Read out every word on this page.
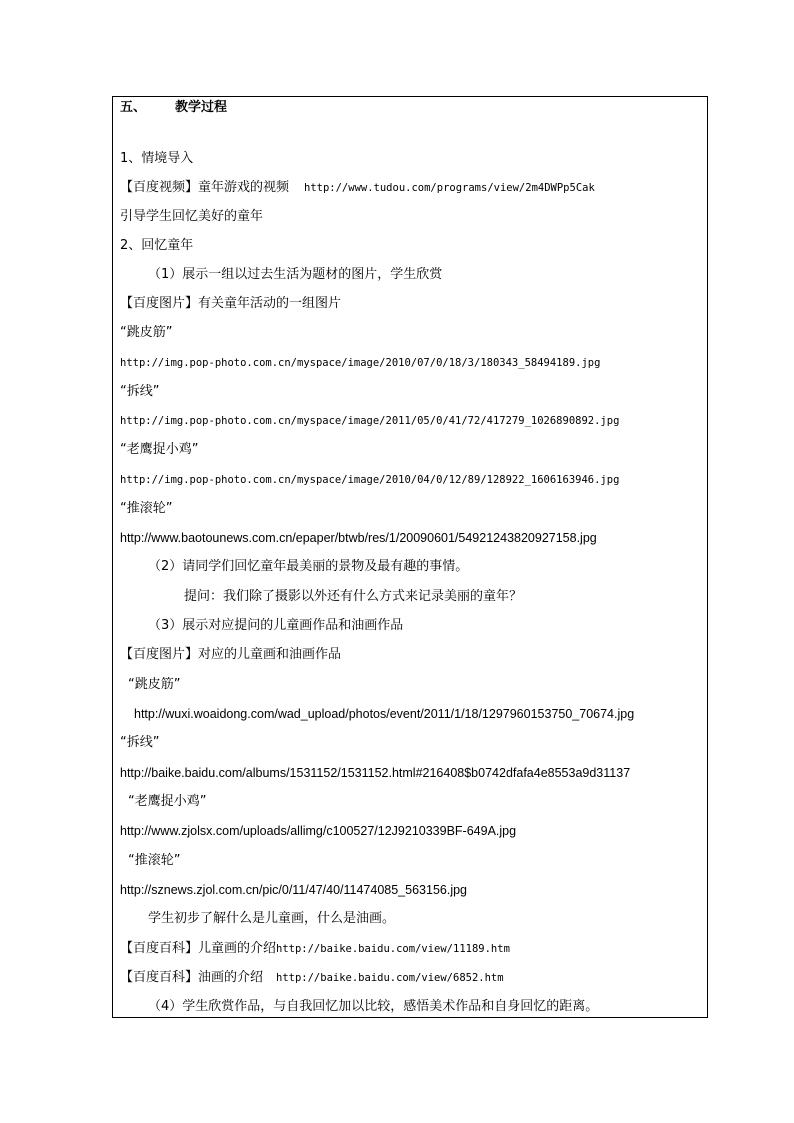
五、 教学过程
1、情境导入
【百度视频】童年游戏的视频 http://www.tudou.com/programs/view/2m4DWPp5Cak
引导学生回忆美好的童年
2、回忆童年
（1）展示一组以过去生活为题材的图片，学生欣赏
【百度图片】有关童年活动的一组图片
“跳皮筋”
http://img.pop-photo.com.cn/myspace/image/2010/07/0/18/3/180343_58494189.jpg
“拆线”
http://img.pop-photo.com.cn/myspace/image/2011/05/0/41/72/417279_1026890892.jpg
“老鹰捉小鸡”
http://img.pop-photo.com.cn/myspace/image/2010/04/0/12/89/128922_1606163946.jpg
“推滚轮”
http://www.baotounews.com.cn/epaper/btwb/res/1/20090601/54921243820927158.jpg
（2）请同学们回忆童年最美丽的景物及最有趣的事情。
提问：我们除了摄影以外还有什么方式来记录美丽的童年？
（3）展示对应提问的儿童画作品和油画作品
【百度图片】对应的儿童画和油画作品
“跳皮筋”
http://wuxi.woaidong.com/wad_upload/photos/event/2011/1/18/1297960153750_70674.jpg
“拆线”
http://baike.baidu.com/albums/1531152/1531152.html#216408$b0742dfafa4e8553a9d31137
“老鹰捉小鸡”
http://www.zjolsx.com/uploads/allimg/c100527/12J9210339BF-649A.jpg
“推滚轮”
http://sznews.zjol.com.cn/pic/0/11/47/40/11474085_563156.jpg
学生初步了解什么是儿童画，什么是油画。
【百度百科】儿童画的介绍 http://baike.baidu.com/view/11189.htm
【百度百科】油画的介绍 http://baike.baidu.com/view/6852.htm
（4）学生欣赏作品，与自我回忆加以比较，感悟美术作品和自身回忆的距离。
